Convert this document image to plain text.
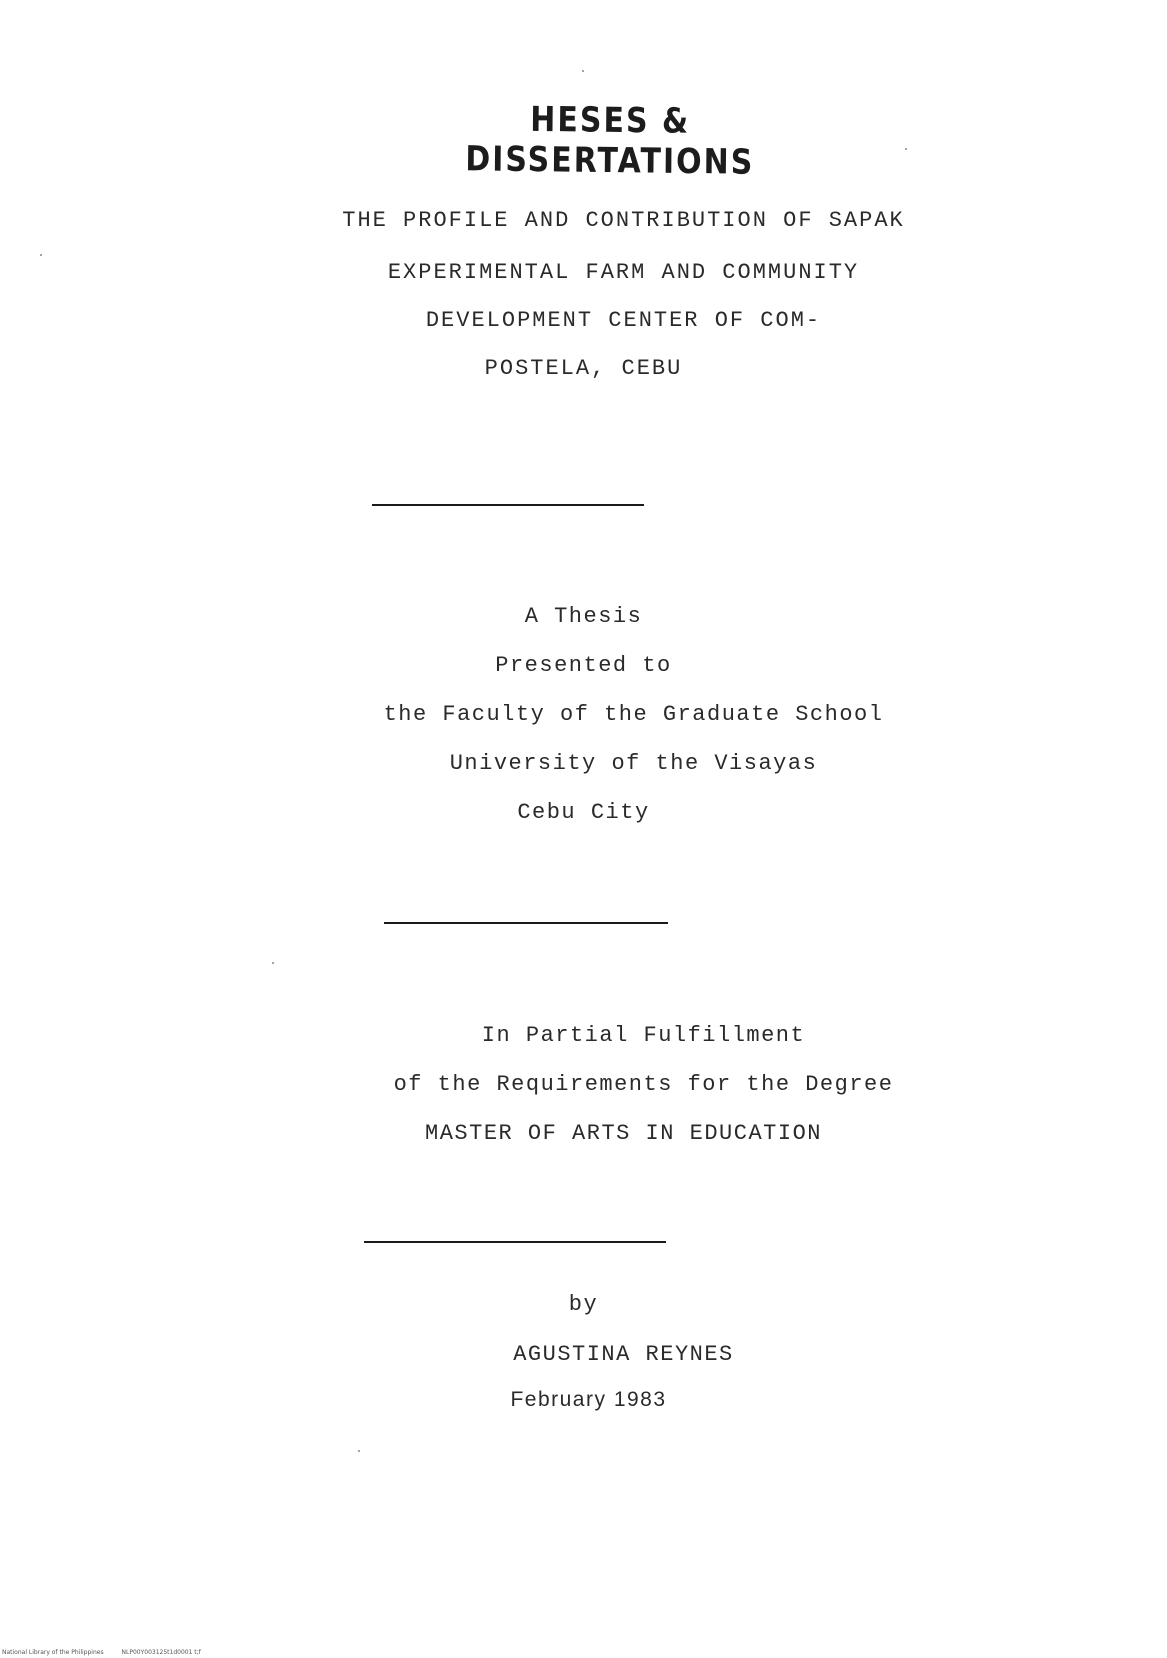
HESES & DISSERTATIONS
THE PROFILE AND CONTRIBUTION OF SAPAK
EXPERIMENTAL FARM AND COMMUNITY
DEVELOPMENT CENTER OF COM-
POSTELA, CEBU
A Thesis
Presented to
the Faculty of the Graduate School
University of the Visayas
Cebu City
In Partial Fulfillment
of the Requirements for the Degree
MASTER OF ARTS IN EDUCATION
by
AGUSTINA REYNES
February 1983
National Library of the Philippines	NLP00Y003125t1d0001 t;f
